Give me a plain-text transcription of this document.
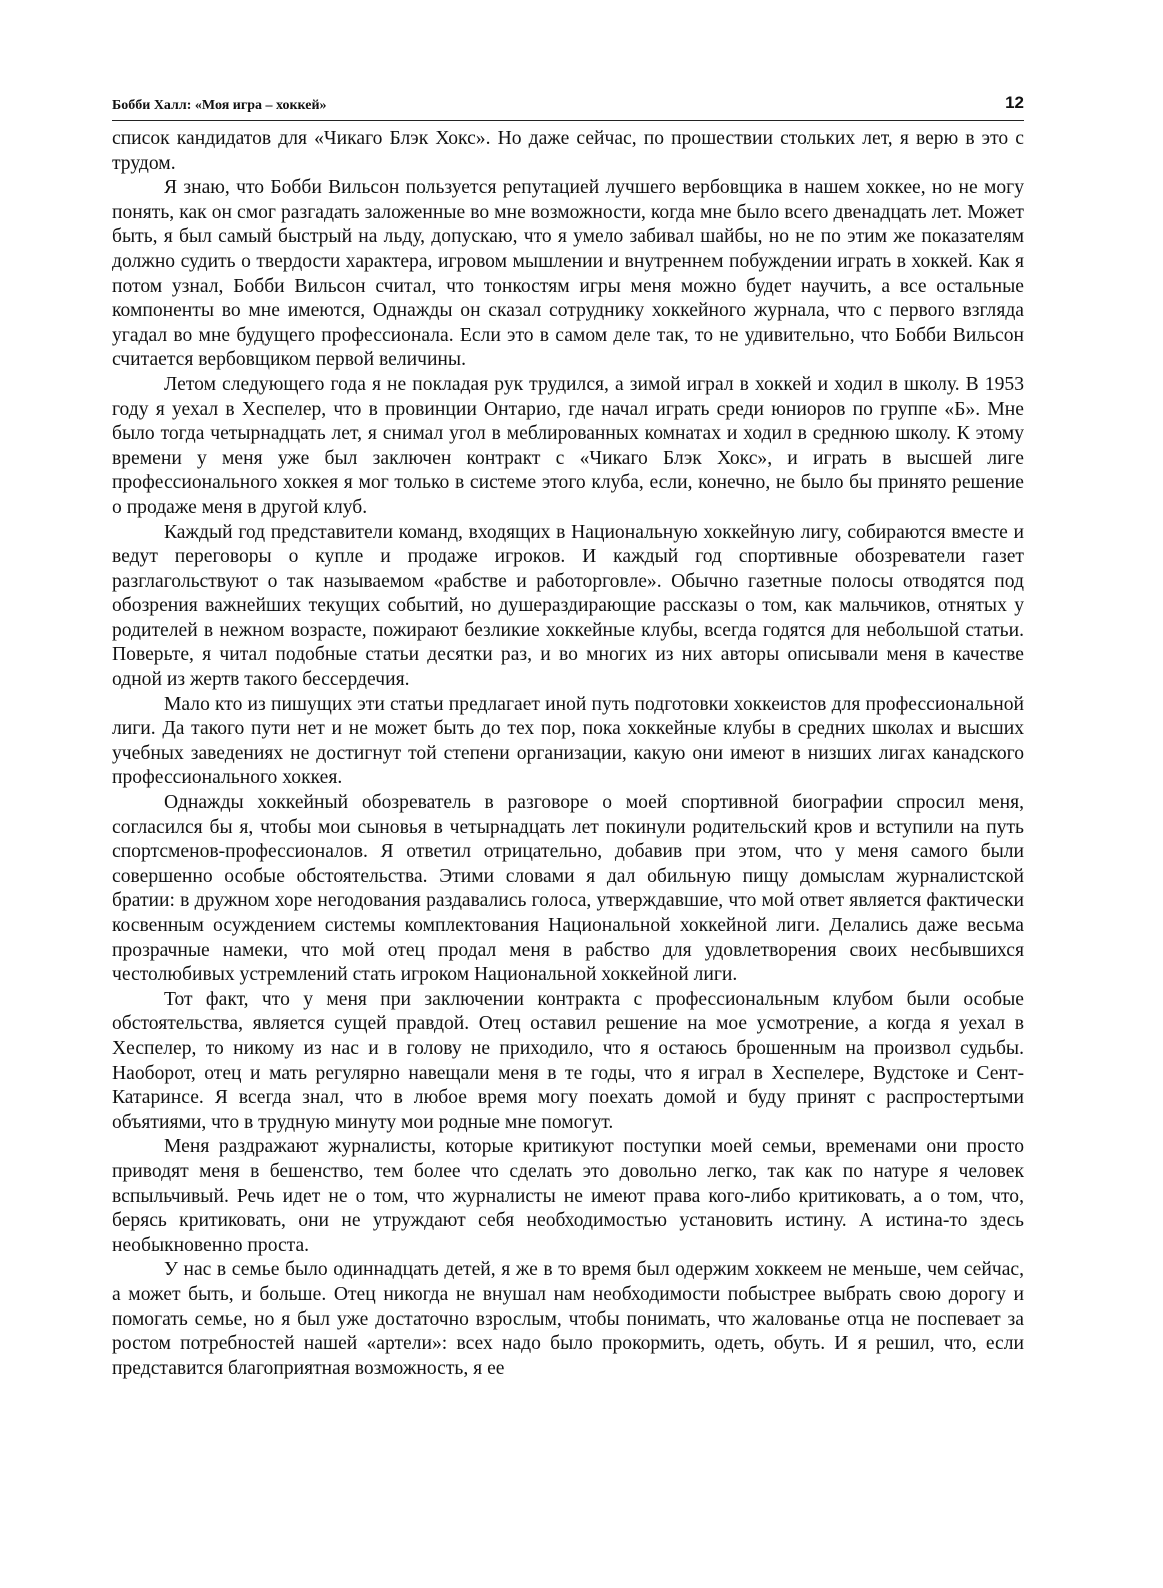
Бобби Халл: «Моя игра – хоккей»	12

список кандидатов для «Чикаго Блэк Хокс». Но даже сейчас, по прошествии стольких лет, я верю в это с трудом.

Я знаю, что Бобби Вильсон пользуется репутацией лучшего вербовщика в нашем хоккее, но не могу понять, как он смог разгадать заложенные во мне возможности, когда мне было всего двенадцать лет. Может быть, я был самый быстрый на льду, допускаю, что я умело забивал шайбы, но не по этим же показателям должно судить о твердости характера, игровом мышлении и внутреннем побуждении играть в хоккей. Как я потом узнал, Бобби Вильсон считал, что тонкостям игры меня можно будет научить, а все остальные компоненты во мне имеются, Однажды он сказал сотруднику хоккейного журнала, что с первого взгляда угадал во мне будущего профессионала. Если это в самом деле так, то не удивительно, что Бобби Вильсон считается вербовщиком первой величины.

Летом следующего года я не покладая рук трудился, а зимой играл в хоккей и ходил в школу. В 1953 году я уехал в Хеспелер, что в провинции Онтарио, где начал играть среди юниоров по группе «Б». Мне было тогда четырнадцать лет, я снимал угол в меблированных комнатах и ходил в среднюю школу. К этому времени у меня уже был заключен контракт с «Чикаго Блэк Хокс», и играть в высшей лиге профессионального хоккея я мог только в системе этого клуба, если, конечно, не было бы принято решение о продаже меня в другой клуб.

Каждый год представители команд, входящих в Национальную хоккейную лигу, собираются вместе и ведут переговоры о купле и продаже игроков. И каждый год спортивные обозреватели газет разглагольствуют о так называемом «рабстве и работорговле». Обычно газетные полосы отводятся под обозрения важнейших текущих событий, но душераздирающие рассказы о том, как мальчиков, отнятых у родителей в нежном возрасте, пожирают безликие хоккейные клубы, всегда годятся для небольшой статьи. Поверьте, я читал подобные статьи десятки раз, и во многих из них авторы описывали меня в качестве одной из жертв такого бессердечия.

Мало кто из пишущих эти статьи предлагает иной путь подготовки хоккеистов для профессиональной лиги. Да такого пути нет и не может быть до тех пор, пока хоккейные клубы в средних школах и высших учебных заведениях не достигнут той степени организации, какую они имеют в низших лигах канадского профессионального хоккея.

Однажды хоккейный обозреватель в разговоре о моей спортивной биографии спросил меня, согласился бы я, чтобы мои сыновья в четырнадцать лет покинули родительский кров и вступили на путь спортсменов-профессионалов. Я ответил отрицательно, добавив при этом, что у меня самого были совершенно особые обстоятельства. Этими словами я дал обильную пищу домыслам журналистской братии: в дружном хоре негодования раздавались голоса, утверждавшие, что мой ответ является фактически косвенным осуждением системы комплектования Национальной хоккейной лиги. Делались даже весьма прозрачные намеки, что мой отец продал меня в рабство для удовлетворения своих несбывшихся честолюбивых устремлений стать игроком Национальной хоккейной лиги.

Тот факт, что у меня при заключении контракта с профессиональным клубом были особые обстоятельства, является сущей правдой. Отец оставил решение на мое усмотрение, а когда я уехал в Хеспелер, то никому из нас и в голову не приходило, что я остаюсь брошенным на произвол судьбы. Наоборот, отец и мать регулярно навещали меня в те годы, что я играл в Хеспелере, Вудстоке и Сент-Катаринсе. Я всегда знал, что в любое время могу поехать домой и буду принят с распростертыми объятиями, что в трудную минуту мои родные мне помогут.

Меня раздражают журналисты, которые критикуют поступки моей семьи, временами они просто приводят меня в бешенство, тем более что сделать это довольно легко, так как по натуре я человек вспыльчивый. Речь идет не о том, что журналисты не имеют права кого-либо критиковать, а о том, что, берясь критиковать, они не утруждают себя необходимостью установить истину. А истина-то здесь необыкновенно проста.

У нас в семье было одиннадцать детей, я же в то время был одержим хоккеем не меньше, чем сейчас, а может быть, и больше. Отец никогда не внушал нам необходимости побыстрее выбрать свою дорогу и помогать семье, но я был уже достаточно взрослым, чтобы понимать, что жалованье отца не поспевает за ростом потребностей нашей «артели»: всех надо было прокормить, одеть, обуть. И я решил, что, если представится благоприятная возможность, я ее
